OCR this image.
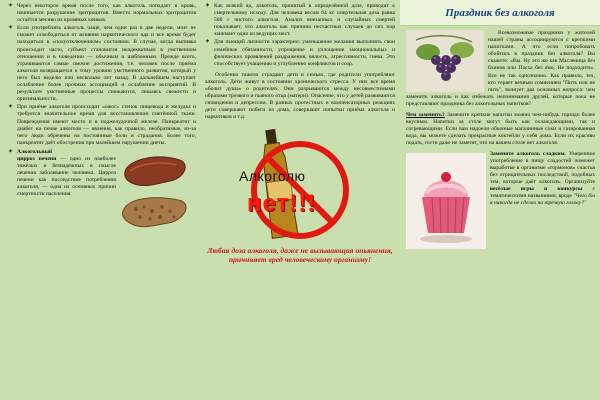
✦ Через некоторое время после того, как алкоголь попадает в кровь, начинается разрушение эритроцитов. Вместо нормальных эритроцитов остаётся месиво из кровяных комков.

✦ Если употреблять алкоголь чаще, чем один раз в две недели, мозг не сможет освободиться от влияния наркотического яда и все время будет находиться в «полуотключенном» состоянии. В случае, когда выпивка происходит часто, субъект становится неадекватным в умственном отношении и в поведении — обычным и шаблонным. Прежде всего, утрачиваются самые свежие достижения, т.е. человек после приёма алкоголя возвращается к тому уровню умственного развития, который у него был неделю или несколько лет назад. В дальнейшем наступает ослабление более прочных ассоциаций и ослабление восприятий. В результате умственные процессы снижаются, лишаясь свежести и оригинальности.

✦ При приёме алкоголя происходит «ожог» стенок пищевода и желудка и требуется значительное время для восстановления сметённой ткани. Повреждения имеют место и в поджелудочной железе. Панкреатит и диабет на почве алкоголя — явления, как правило, необратимые, из-за чего люди обречены на постоянные боли и страдания. Более того, панкреатит даёт обострения при малейшем нарушении диеты.

✦ Алкогольный
цирроз печени — одно из наиболее тяжёлых и безнадёжных в смысле лечения заболевание человека. Цирроз печени как последствие потребления алкоголя, — одна из основных причин смертности населения.

✦ Как всякий яд, алкоголь, принятый в определённой дозе, приводит к смертельному исходу. Для человека весом 64 кг смертельная доза равна 500 г чистого алкоголя. Анализ внезапных и случайных смертей показывает, что алкоголь как причина несчастных случаев до сих пор занимает одно из ведущих мест.

✦ Для пьющей личности характерно: уменьшение желания выполнять свои семейные обязанности, упрощение и уплощение эмоциональных и физических проявлений раздражения, вялость, агрессивности, гнева. Это способствует учащению и углублению конфликтов и ссор.

Особенно тяжело страдают дети в семьях, где родители употребляют алкоголь. Дети живут в состоянии хронического стресса. У них все время «болит душа» о родителях. Они разрываются между несовместимыми образами трезвого и пьяного отца (матери). Опасение, что у детей развиваются сновидения и депрессии. В разных протестных и компенсаторных реакциях дети совершают побеги из дома, совершают попытки приёма алкоголя и наркотиков и т.д.

Алкоголю
нет!!!
Любая доза алкоголя, даже не вызывающая опьянения, причиняет вред человеческому организму!
Праздник без алкоголя

Всевозможные праздники у жителей нашей страны ассоциируются с крепкими напитками. А что если попробовать обойтись в праздник без алкоголя? Вы скажете: «Вы. Ну это же как Масленица без блинов или Пасха без яиц. Не подходите». Все не так однозначно. Как правило, тех, кто теряет вечным сомнением "Пить или не пить", волнует два основных вопроса: чем заменить алкоголь и как избежать непонимания друзей, которые пока не представляют праздника без алкогольных напитков?

Чем заменить? Замените крепкие напитки можно чем-нибудь гораздо более вкусным. Напитки за столе могут быть как охлаждающими, так и согревающими. Если вам надоели обычные магазинные соки и газированная вода, вы можете сделать прекрасные коктейли у себя дома. Если их красиво подать, гости даже не заметят, что на вашем столе нет алкоголя.

Замените алкоголь сладким. Умеренное употребление в пищу сладостей поможет выработке в организме «гормонов» счастья без отрицательных последствий, подобных тем, которые даёт алкоголь. Организуйте весёлые игры и конкурсы с тематическими названиями, вроде "Чего бы я никогда не сделал на трезвую голову?"
